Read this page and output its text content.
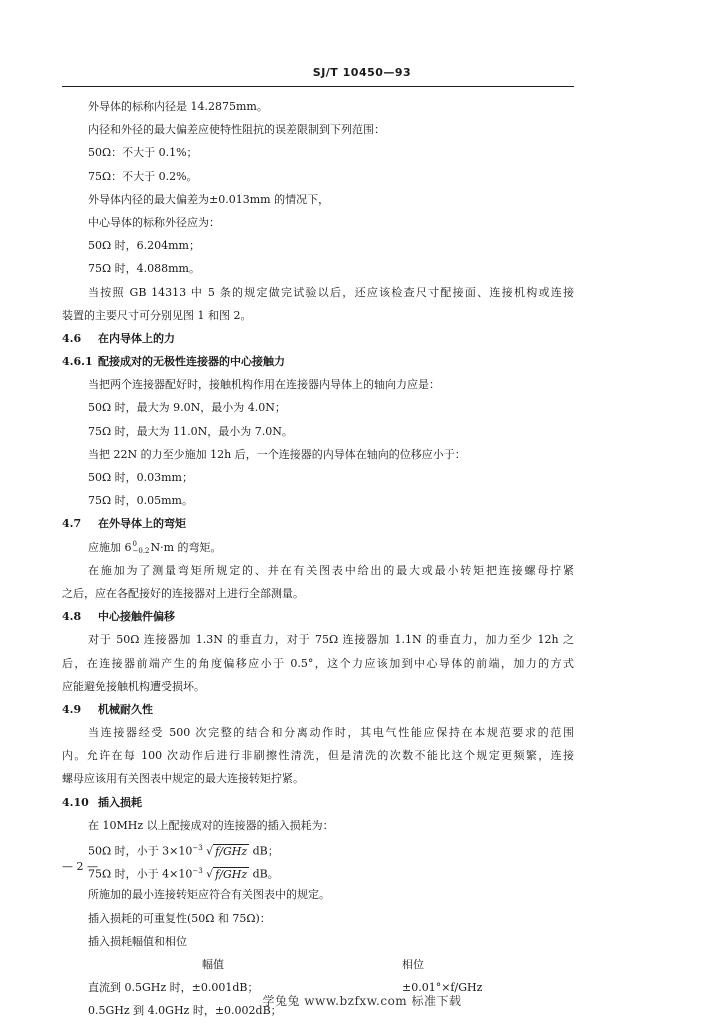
SJ/T 10450—93
外导体的标称内径是 14.2875mm。
内径和外径的最大偏差应使特性阻抗的误差限制到下列范围：
50Ω：不大于 0.1%；
75Ω：不大于 0.2%。
外导体内径的最大偏差为±0.013mm 的情况下，
中心导体的标称外径应为：
50Ω 时，6.204mm；
75Ω 时，4.088mm。
当按照 GB 14313 中 5 条的规定做完试验以后，还应该检查尺寸配接面、连接机构或连接
装置的主要尺寸可分别见图 1 和图 2。
4.6 在内导体上的力
4.6.1 配接成对的无极性连接器的中心接触力
当把两个连接器配好时，接触机构作用在连接器内导体上的轴向力应是：
50Ω 时，最大为 9.0N，最小为 4.0N；
75Ω 时，最大为 11.0N，最小为 7.0N。
当把 22N 的力至少施加 12h 后，一个连接器的内导体在轴向的位移应小于：
50Ω 时，0.03mm；
75Ω 时，0.05mm。
4.7 在外导体上的弯矩
应施加 60
−0.2N·m 的弯矩。
在施加为了测量弯矩所规定的、并在有关图表中给出的最大或最小转矩把连接螺母拧紧
之后，应在各配接好的连接器对上进行全部测量。
4.8 中心接触件偏移
对于 50Ω 连接器加 1.3N 的垂直力，对于 75Ω 连接器加 1.1N 的垂直力，加力至少 12h 之
后，在连接器前端产生的角度偏移应小于 0.5°，这个力应该加到中心导体的前端，加力的方式
应能避免接触机构遭受损坏。
4.9 机械耐久性
当连接器经受 500 次完整的结合和分离动作时，其电气性能应保持在本规范要求的范围
内。允许在每 100 次动作后进行非刷擦性清洗，但是清洗的次数不能比这个规定更频繁，连接
螺母应该用有关图表中规定的最大连接转矩拧紧。
4.10 插入损耗
在 10MHz 以上配接成对的连接器的插入损耗为：
50Ω 时，小于 $3\times 10^{-3}$ √ f/GHz dB；
75Ω 时，小于 $4\times 10^{-3}$ √ f/GHz dB。
所施加的最小连接转矩应符合有关图表中的规定。
插入损耗的可重复性(50Ω 和 75Ω)：
插入损耗幅值和相位
幅值	相位
直流到 0.5GHz 时，±0.001dB；	±0.01°×f/GHz
0.5GHz 到 4.0GHz 时，±0.002dB；
— 2 —
学兔兔 www.bzfxw.com 标准下载
